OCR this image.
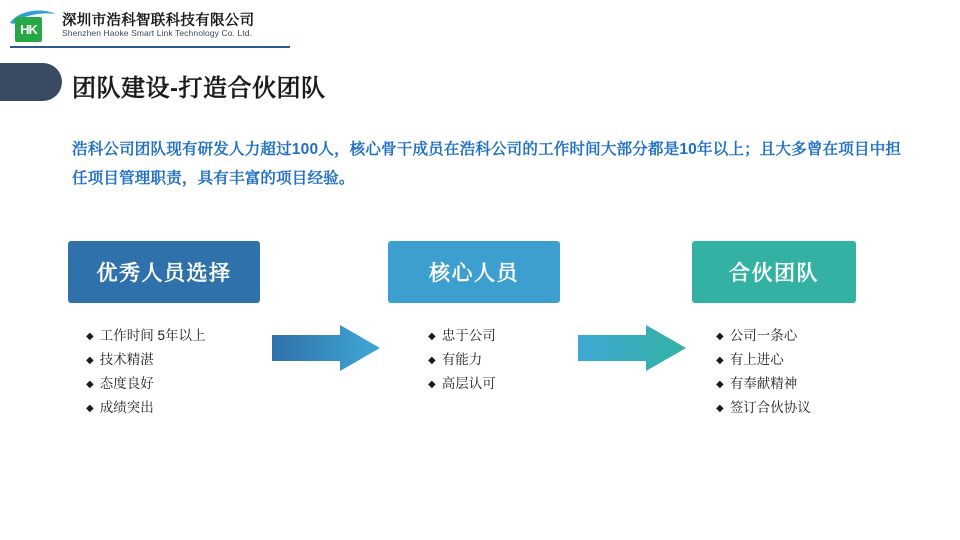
HK
深圳市浩科智联科技有限公司
Shenzhen Haoke Smart Link Technology Co. Ltd.
团队建设-打造合伙团队
浩科公司团队现有研发人力超过100人，核心骨干成员在浩科公司的工作时间大部分都是10年以上；且大多曾在项目中担任项目管理职责，具有丰富的项目经验。
优秀人员选择
◆ 工作时间 5年以上
◆ 技术精湛
◆ 态度良好
◆ 成绩突出
核心人员
◆ 忠于公司
◆ 有能力
◆ 高层认可
合伙团队
◆ 公司一条心
◆ 有上进心
◆ 有奉献精神
◆ 签订合伙协议
